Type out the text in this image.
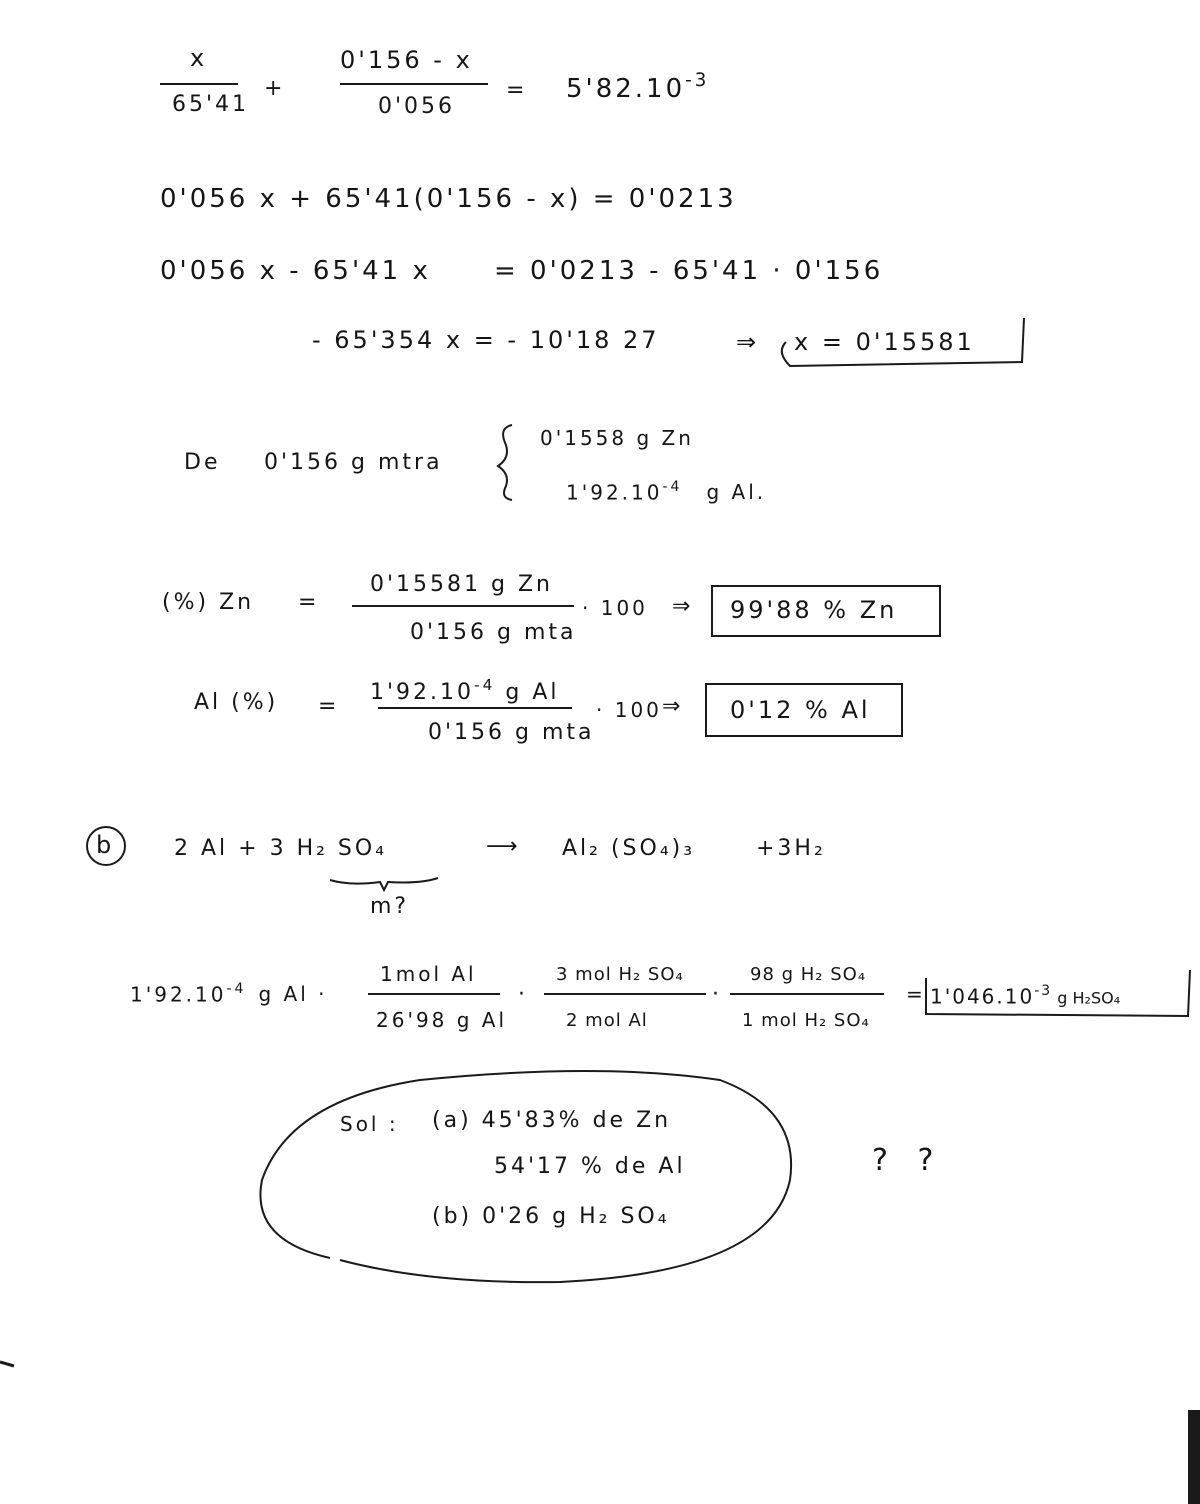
x
65'41
+
0'156 - x
0'056
= $5'82.10^{-3}$
0'056 x + 65'41(0'156 - x) = 0'0213
0'056 x - 65'41 x = 0'0213 - 65'41 · 0'156
- 65'354 x = - 10'18 27	⇒ x = 0'15581
De 0'156 g mtra
0'1558 g Zn
$1'92.10^{-4}$ g Al.
(%) Zn =
0'15581 g Zn
0'156 g mta
· 100 ⇒ 99'88 % Zn
Al (%) =
$1'92.10^{-4}$ g Al
0'156 g mta
· 100 ⇒ 0'12 % Al
b	2 Al + 3 H₂ SO₄	⟶ Al₂ (SO₄)₃	+3H₂
m?
$1'92.10^{-4}$ g Al ·
1mol Al
26'98 g Al
·
3 mol H₂ SO₄
2 mol Al
·
98 g H₂ SO₄
1 mol H₂ SO₄
= $1'046.10^{-3}$ g H₂SO₄
Sol : (a) 45'83% de Zn
54'17 % de Al
(b) 0'26 g H₂ SO₄
? ?
